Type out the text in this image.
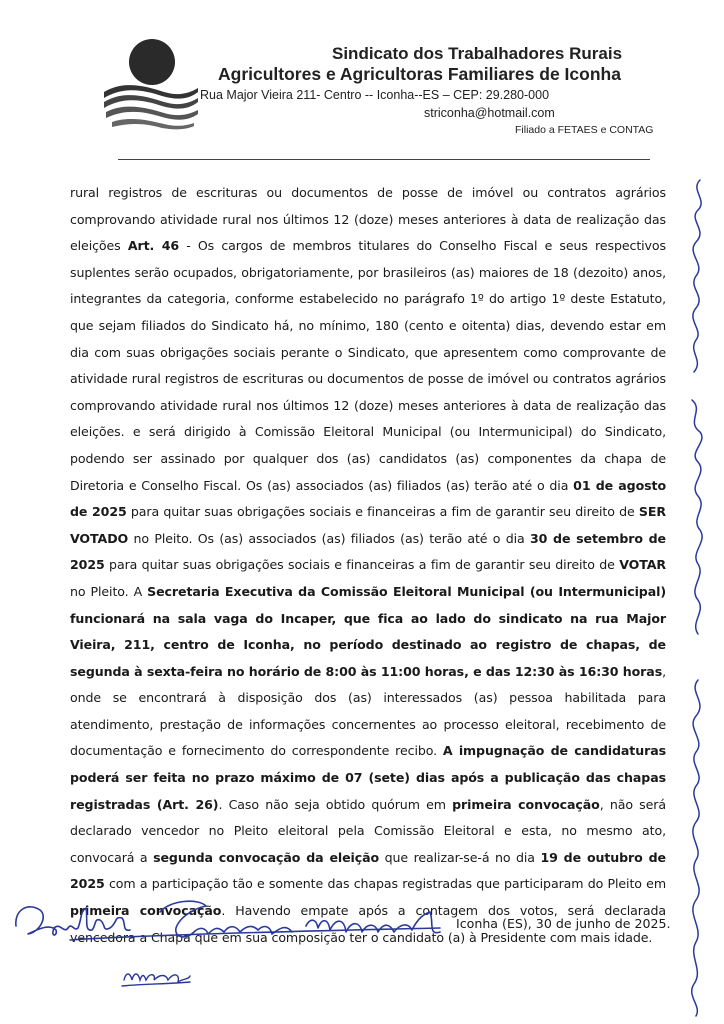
Sindicato dos Trabalhadores Rurais
Agricultores e Agricultoras Familiares de Iconha
Rua Major Vieira 211- Centro -- Iconha--ES – CEP: 29.280-000
striconha@hotmail.com
Filiado a FETAES e CONTAG
rural registros de escrituras ou documentos de posse de imóvel ou contratos agrários comprovando atividade rural nos últimos 12 (doze) meses anteriores à data de realização das eleições Art. 46 - Os cargos de membros titulares do Conselho Fiscal e seus respectivos suplentes serão ocupados, obrigatoriamente, por brasileiros (as) maiores de 18 (dezoito) anos, integrantes da categoria, conforme estabelecido no parágrafo 1º do artigo 1º deste Estatuto, que sejam filiados do Sindicato há, no mínimo, 180 (cento e oitenta) dias, devendo estar em dia com suas obrigações sociais perante o Sindicato, que apresentem como comprovante de atividade rural registros de escrituras ou documentos de posse de imóvel ou contratos agrários comprovando atividade rural nos últimos 12 (doze) meses anteriores à data de realização das eleições. e será dirigido à Comissão Eleitoral Municipal (ou Intermunicipal) do Sindicato, podendo ser assinado por qualquer dos (as) candidatos (as) componentes da chapa de Diretoria e Conselho Fiscal. Os (as) associados (as) filiados (as) terão até o dia 01 de agosto de 2025 para quitar suas obrigações sociais e financeiras a fim de garantir seu direito de SER VOTADO no Pleito. Os (as) associados (as) filiados (as) terão até o dia 30 de setembro de 2025 para quitar suas obrigações sociais e financeiras a fim de garantir seu direito de VOTAR no Pleito. A Secretaria Executiva da Comissão Eleitoral Municipal (ou Intermunicipal) funcionará na sala vaga do Incaper, que fica ao lado do sindicato na rua Major Vieira, 211, centro de Iconha, no período destinado ao registro de chapas, de segunda à sexta-feira no horário de 8:00 às 11:00 horas, e das 12:30 às 16:30 horas, onde se encontrará à disposição dos (as) interessados (as) pessoa habilitada para atendimento, prestação de informações concernentes ao processo eleitoral, recebimento de documentação e fornecimento do correspondente recibo. A impugnação de candidaturas poderá ser feita no prazo máximo de 07 (sete) dias após a publicação das chapas registradas (Art. 26). Caso não seja obtido quórum em primeira convocação, não será declarado vencedor no Pleito eleitoral pela Comissão Eleitoral e esta, no mesmo ato, convocará a segunda convocação da eleição que realizar-se-á no dia 19 de outubro de 2025 com a participação tão e somente das chapas registradas que participaram do Pleito em primeira convocação. Havendo empate após a contagem dos votos, será declarada vencedora a Chapa que em sua composição ter o candidato (a) à Presidente com mais idade.
Iconha (ES), 30 de junho de 2025.
